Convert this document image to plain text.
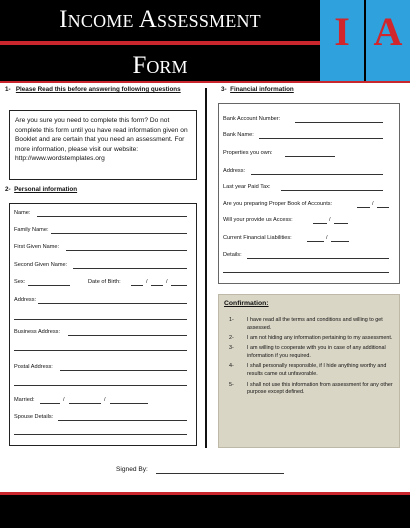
Income Assessment
Form
I A
1- Please Read this before answering following questions
Are you sure you need to complete this form? Do not complete this form until you have read information given on Booklet and are certain that you need an assessment. For more information, please visit our website: http://www.wordstemplates.org
2- Personal information
Name:
Family Name:
First Given Name:
Second Given Name:
Sex:	Date of Birth:	/	/
Address:
Business Address:
Postal Address:
Married:	/	/
Spouse Details:
3- Financial information
Bank Account Number:
Bank Name:
Properties you own:
Address:
Last year Paid Tax:
Are you preparing Proper Book of Accounts:	/
Will your provide us Access:	/
Current Financial Liabilities:	/
Details:
Confirmation:
1- I have read all the terms and conditions and willing to get assessed.
2- I am not hiding any information pertaining to my assessment.
3- I am willing to cooperate with you in case of any additional information if you required.
4- I shall personally responsible, if I hide anything worthy and results came out unfavorable.
5- I shall not use this information from assessment for any other purpose except defined.
Signed By:
